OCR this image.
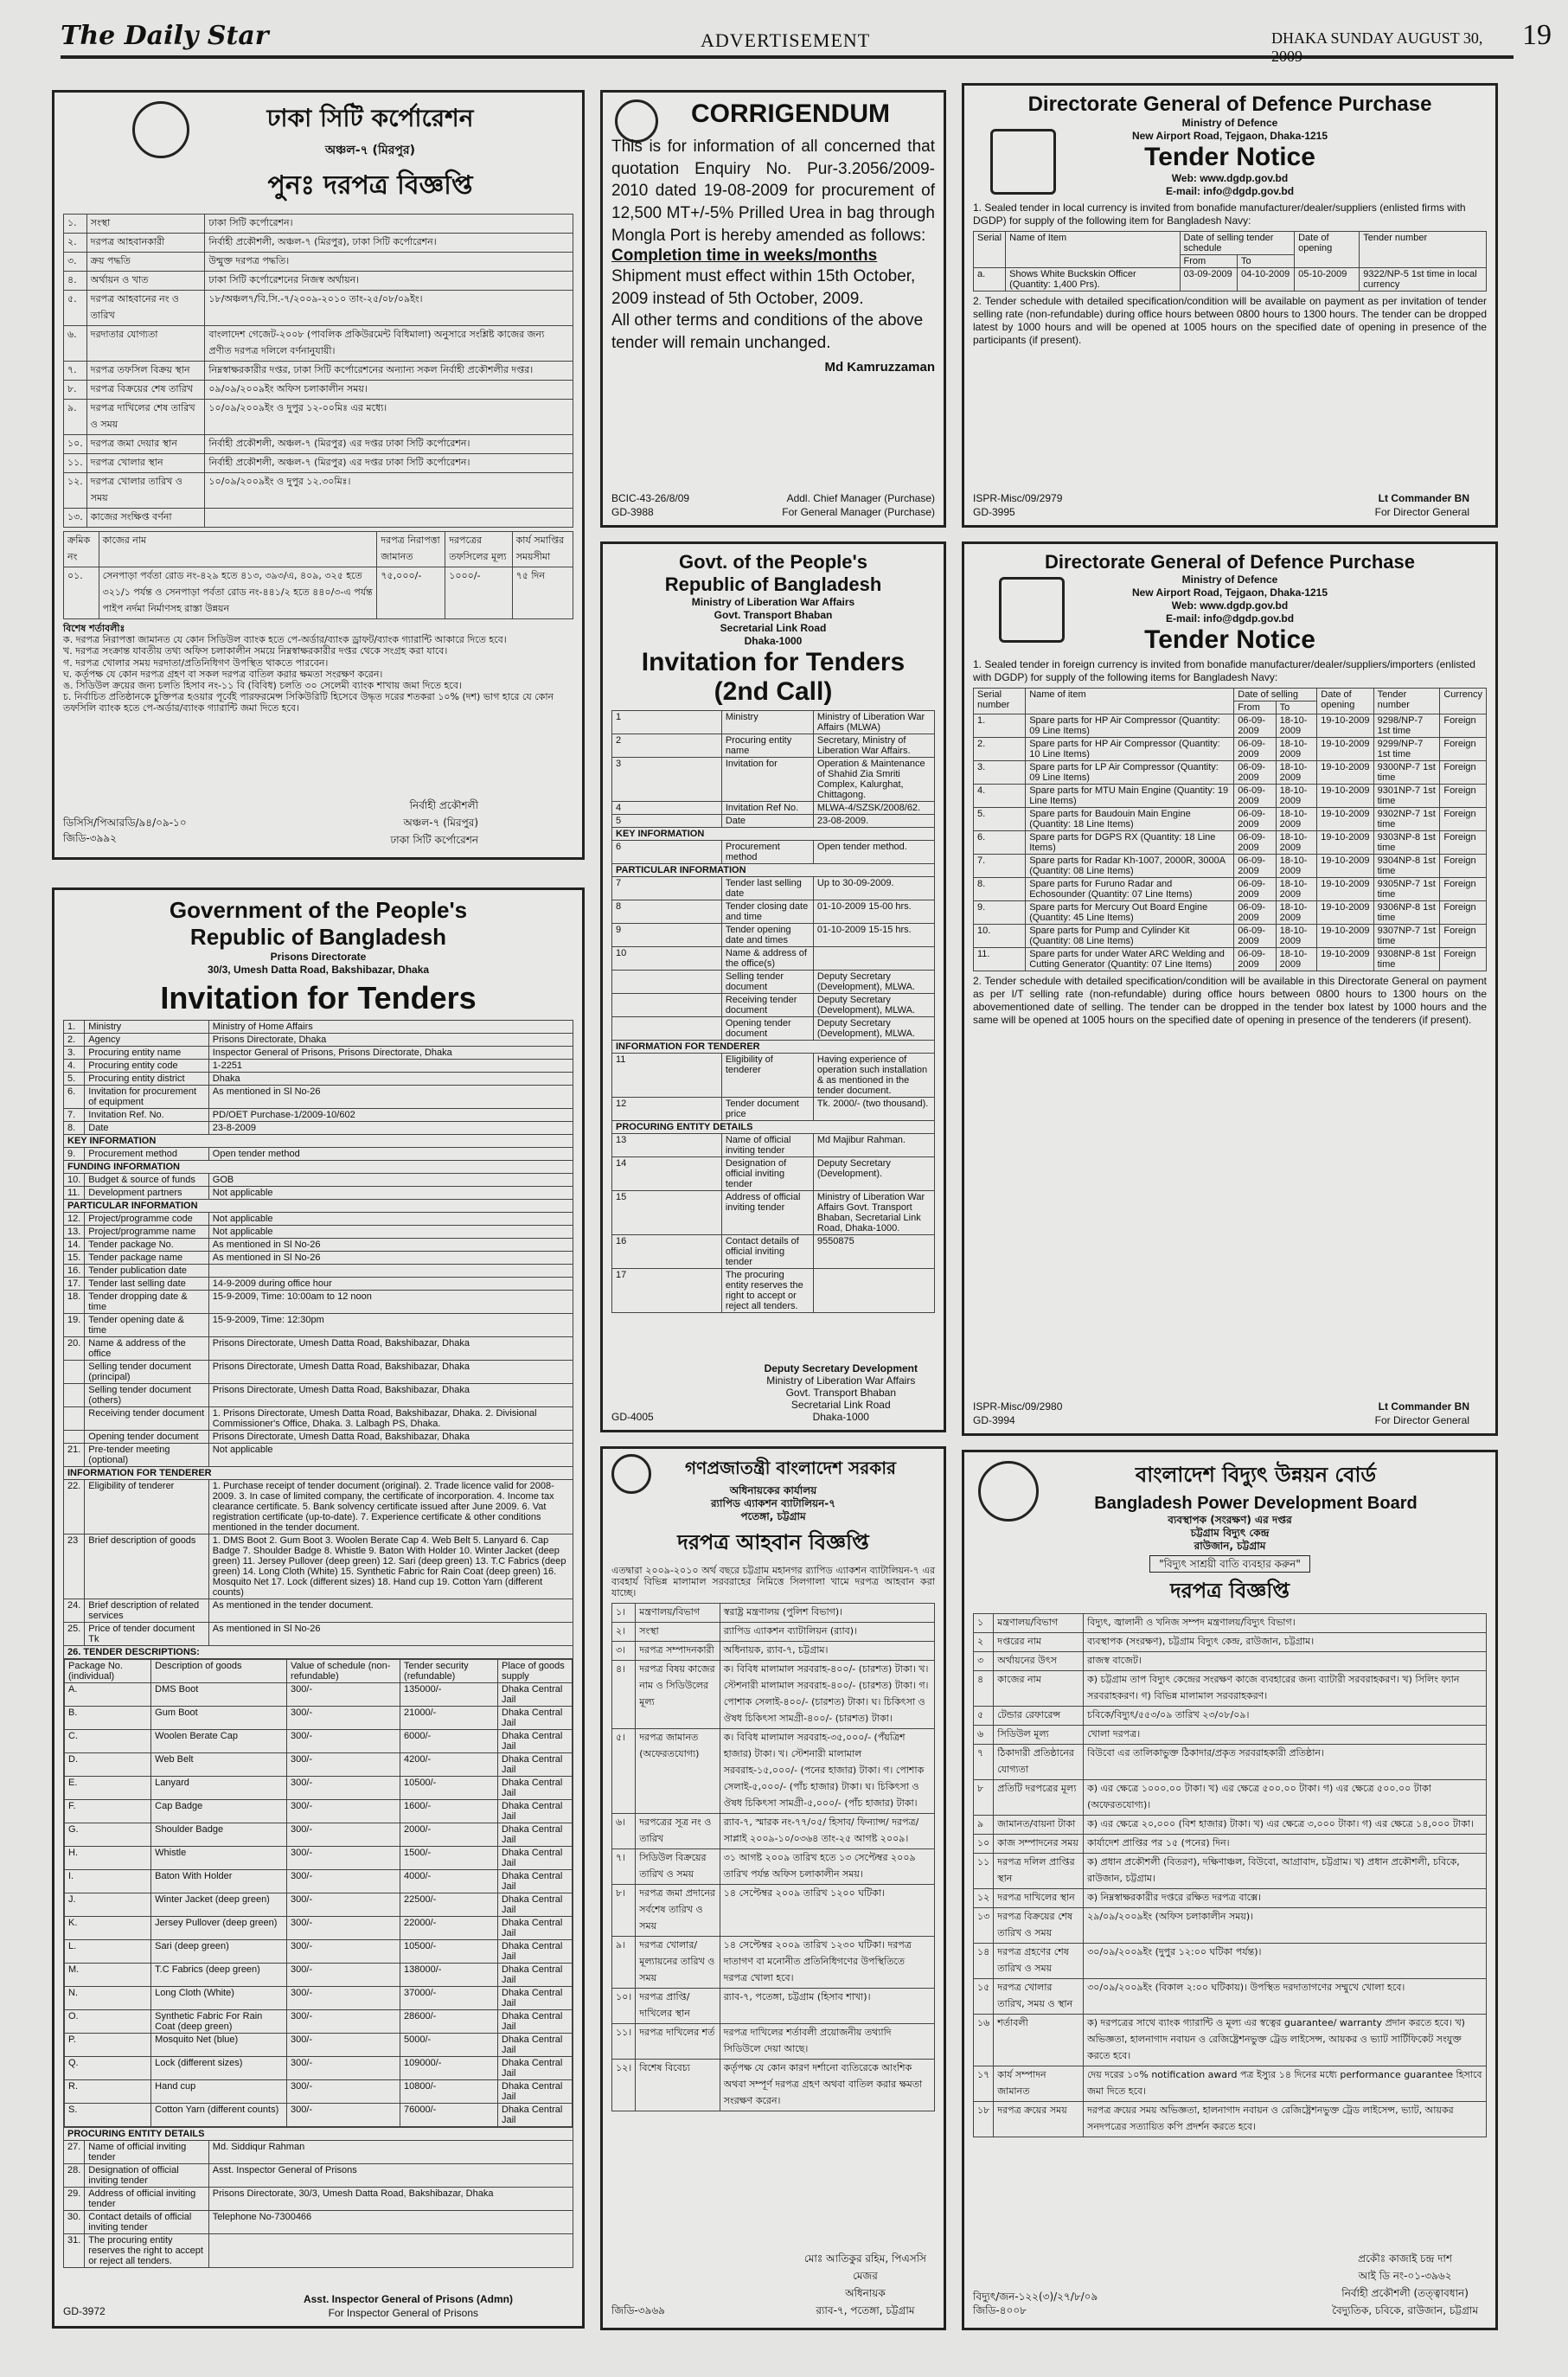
The Daily Star	ADVERTISEMENT	DHAKA SUNDAY AUGUST 30, 2009
19
ঢাকা সিটি কর্পোরেশন
অঞ্চল-৭ (মিরপুর)
পুনঃ দরপত্র বিজ্ঞপ্তি
১.	সংস্থা	ঢাকা সিটি কর্পোরেশন।
২.	দরপত্র আহবানকারী	নির্বাহী প্রকৌশলী, অঞ্চল-৭ (মিরপুর), ঢাকা সিটি কর্পোরেশন।
৩.	ক্রয় পদ্ধতি	উন্মুক্ত দরপত্র পদ্ধতি।
৪.	অর্থায়ন ও খাত	ঢাকা সিটি কর্পোরেশনের নিজস্ব অর্থায়ন।
৫.	দরপত্র আহবানের নং ও তারিখ	১৮/অঞ্চল৭/বি.সি.-৭/২০০৯-২০১০ তাং-২৫/০৮/০৯ইং।
৬.	দরদাতার যোগ্যতা	বাংলাদেশ গেজেট-২০০৮ (পাবলিক প্রকিউরমেন্ট বিধিমালা) অনুসারে সংশ্লিষ্ট কাজের জন্য প্রণীত দরপত্র দলিলে বর্ণনানুযায়ী।
৭.	দরপত্র তফসিল বিক্রয় স্থান	নিম্নস্বাক্ষরকারীর দপ্তর, ঢাকা সিটি কর্পোরেশনের অন্যান্য সকল নির্বাহী প্রকৌশলীর দপ্তর।
৮.	দরপত্র বিক্রয়ের শেষ তারিখ	০৯/০৯/২০০৯ইং অফিস চলাকালীন সময়।
৯.	দরপত্র দাখিলের শেষ তারিখ ও সময়	১০/০৯/২০০৯ইং ও দুপুর ১২-০০মিঃ এর মধ্যে।
১০.	দরপত্র জমা দেয়ার স্থান	নির্বাহী প্রকৌশলী, অঞ্চল-৭ (মিরপুর) এর দপ্তর ঢাকা সিটি কর্পোরেশন।
১১.	দরপত্র খোলার স্থান	নির্বাহী প্রকৌশলী, অঞ্চল-৭ (মিরপুর) এর দপ্তর ঢাকা সিটি কর্পোরেশন।
১২.	দরপত্র খোলার তারিখ ও সময়	১০/০৯/২০০৯ইং ও দুপুর ১২.৩০মিঃ।
১৩.	কাজের সংক্ষিপ্ত বর্ণনা	
ক্রমিক নং	কাজের নাম	দরপত্র নিরাপত্তা জামানত	দরপত্রের তফসিলের মূল্য	কার্য সমাপ্তির সময়সীমা
০১.	সেনপাড়া পর্বতা রোড নং-৪২৯ হতে ৪১৩, ৩৯৩/এ, ৪০৯, ৩২৫ হতে ৩২১/১ পর্যন্ত ও সেনপাড়া পর্বতা রোড নং-৪৪১/২ হতে ৪৪০/৩-এ পর্যন্ত পাইপ নর্দমা নির্মাণসহ রাস্তা উন্নয়ন	৭৫,০০০/-	১০০০/-	৭৫ দিন
বিশেষ শর্তাবলীঃ
ক. দরপত্র নিরাপত্তা জামানত যে কোন সিডিউল ব্যাংক হতে পে-অর্ডার/ব্যাংক ড্রাফট/ব্যাংক গ্যারান্টি আকারে দিতে হবে।
খ. দরপত্র সংক্রান্ত যাবতীয় তথ্য অফিস চলাকালীন সময়ে নিম্নস্বাক্ষরকারীর দপ্তর থেকে সংগ্রহ করা যাবে।
গ. দরপত্র খোলার সময় দরদাতা/প্রতিনিধিগণ উপস্থিত থাকতে পারবেন।
ঘ. কর্তৃপক্ষ যে কোন দরপত্র গ্রহণ বা সকল দরপত্র বাতিল করার ক্ষমতা সংরক্ষণ করেন।
ঙ. সিডিউল ক্রয়ের জন্য চলতি হিসাব নং-১১ বি (বিবিধ) চলতি ৩০ সেলেমী ব্যাংক শাখায় জমা দিতে হবে।
চ. নির্বাচিত প্রতিষ্ঠানকে চুক্তিপত্র হওয়ার পূর্বেই পারফরমেন্স সিকিউরিটি হিসেবে উদ্ধৃত দরের শতকরা ১০% (দশ) ভাগ হারে যে কোন তফসিলি ব্যাংক হতে পে-অর্ডার/ব্যাংক গ্যারান্টি জমা দিতে হবে।
ডিসিসি/পিআরডি/৯৪/০৯-১০
জিডি-৩৯৯২
নির্বাহী প্রকৌশলী
অঞ্চল-৭ (মিরপুর)
ঢাকা সিটি কর্পোরেশন
Government of the People's
Republic of Bangladesh
Prisons Directorate
30/3, Umesh Datta Road, Bakshibazar, Dhaka
Invitation for Tenders
1.	Ministry	Ministry of Home Affairs
2.	Agency	Prisons Directorate, Dhaka
3.	Procuring entity name	Inspector General of Prisons, Prisons Directorate, Dhaka
4.	Procuring entity code	1-2251
5.	Procuring entity district	Dhaka
6.	Invitation for procurement of equipment	As mentioned in Sl No-26
7.	Invitation Ref. No.	PD/OET Purchase-1/2009-10/602
8.	Date	23-8-2009
KEY INFORMATION
9.	Procurement method	Open tender method
FUNDING INFORMATION
10.	Budget & source of funds	GOB
11.	Development partners	Not applicable
PARTICULAR INFORMATION
12.	Project/programme code	Not applicable
13.	Project/programme name	Not applicable
14.	Tender package No.	As mentioned in Sl No-26
15.	Tender package name	As mentioned in Sl No-26
16.	Tender publication date	
17.	Tender last selling date	14-9-2009 during office hour
18.	Tender dropping date & time	15-9-2009, Time: 10:00am to 12 noon
19.	Tender opening date & time	15-9-2009, Time: 12:30pm
20.	Name & address of the office	Prisons Directorate, Umesh Datta Road, Bakshibazar, Dhaka
	Selling tender document (principal)	Prisons Directorate, Umesh Datta Road, Bakshibazar, Dhaka
	Selling tender document (others)	Prisons Directorate, Umesh Datta Road, Bakshibazar, Dhaka
	Receiving tender document	1. Prisons Directorate, Umesh Datta Road, Bakshibazar, Dhaka. 2. Divisional Commissioner's Office, Dhaka. 3. Lalbagh PS, Dhaka.
	Opening tender document	Prisons Directorate, Umesh Datta Road, Bakshibazar, Dhaka
21.	Pre-tender meeting (optional)	Not applicable
INFORMATION FOR TENDERER
22.	Eligibility of tenderer	1. Purchase receipt of tender document (original). 2. Trade licence valid for 2008-2009. 3. In case of limited company, the certificate of incorporation. 4. Income tax clearance certificate. 5. Bank solvency certificate issued after June 2009. 6. Vat registration certificate (up-to-date). 7. Experience certificate & other conditions mentioned in the tender document.
23	Brief description of goods	1. DMS Boot 2. Gum Boot 3. Woolen Berate Cap 4. Web Belt 5. Lanyard 6. Cap Badge 7. Shoulder Badge 8. Whistle 9. Baton With Holder 10. Winter Jacket (deep green) 11. Jersey Pullover (deep green) 12. Sari (deep green) 13. T.C Fabrics (deep green) 14. Long Cloth (White) 15. Synthetic Fabric for Rain Coat (deep green) 16. Mosquito Net 17. Lock (different sizes) 18. Hand cup 19. Cotton Yarn (different counts)
24.	Brief description of related services	As mentioned in the tender document.
25.	Price of tender document Tk	As mentioned in Sl No-26
26. TENDER DESCRIPTIONS:

Package No. (individual)	Description of goods	Value of schedule (non-refundable)	Tender security (refundable)	Place of goods supply
A.	DMS Boot	300/-	135000/-	Dhaka Central Jail
B.	Gum Boot	300/-	21000/-	Dhaka Central Jail
C.	Woolen Berate Cap	300/-	6000/-	Dhaka Central Jail
D.	Web Belt	300/-	4200/-	Dhaka Central Jail
E.	Lanyard	300/-	10500/-	Dhaka Central Jail
F.	Cap Badge	300/-	1600/-	Dhaka Central Jail
G.	Shoulder Badge	300/-	2000/-	Dhaka Central Jail
H.	Whistle	300/-	1500/-	Dhaka Central Jail
I.	Baton With Holder	300/-	4000/-	Dhaka Central Jail
J.	Winter Jacket (deep green)	300/-	22500/-	Dhaka Central Jail
K.	Jersey Pullover (deep green)	300/-	22000/-	Dhaka Central Jail
L.	Sari (deep green)	300/-	10500/-	Dhaka Central Jail
M.	T.C Fabrics (deep green)	300/-	138000/-	Dhaka Central Jail
N.	Long Cloth (White)	300/-	37000/-	Dhaka Central Jail
O.	Synthetic Fabric For Rain Coat (deep green)	300/-	28600/-	Dhaka Central Jail
P.	Mosquito Net (blue)	300/-	5000/-	Dhaka Central Jail
Q.	Lock (different sizes)	300/-	109000/-	Dhaka Central Jail
R.	Hand cup	300/-	10800/-	Dhaka Central Jail
S.	Cotton Yarn (different counts)	300/-	76000/-	Dhaka Central Jail

PROCURING ENTITY DETAILS
27.	Name of official inviting tender	Md. Siddiqur Rahman
28.	Designation of official inviting tender	Asst. Inspector General of Prisons
29.	Address of official inviting tender	Prisons Directorate, 30/3, Umesh Datta Road, Bakshibazar, Dhaka
30.	Contact details of official inviting tender	Telephone No-7300466
31.	The procuring entity reserves the right to accept or reject all tenders.	
GD-3972
Asst. Inspector General of Prisons (Admn)
For Inspector General of Prisons
CORRIGENDUM
This is for information of all concerned that quotation Enquiry No. Pur-3.2056/2009-2010 dated 19-08-2009 for procurement of 12,500 MT+/-5% Prilled Urea in bag through Mongla Port is hereby amended as follows:
Completion time in weeks/months
Shipment must effect within 15th October, 2009 instead of 5th October, 2009.
All other terms and conditions of the above tender will remain unchanged.
Md Kamruzzaman
BCIC-43-26/8/09
GD-3988
Addl. Chief Manager (Purchase)
For General Manager (Purchase)
Govt. of the People's
Republic of Bangladesh
Ministry of Liberation War Affairs
Govt. Transport Bhaban
Secretarial Link Road
Dhaka-1000
Invitation for Tenders
(2nd Call)
1	Ministry	Ministry of Liberation War Affairs (MLWA)
2	Procuring entity name	Secretary, Ministry of Liberation War Affairs.
3	Invitation for	Operation & Maintenance of Shahid Zia Smriti Complex, Kalurghat, Chittagong.
4	Invitation Ref No.	MLWA-4/SZSK/2008/62.
5	Date	23-08-2009.
KEY INFORMATION		
6	Procurement method	Open tender method.
PARTICULAR INFORMATION		
7	Tender last selling date	Up to 30-09-2009.
8	Tender closing date and time	01-10-2009 15-00 hrs.
9	Tender opening date and times	01-10-2009 15-15 hrs.
10	Name & address of the office(s)	
	Selling tender document	Deputy Secretary (Development), MLWA.
	Receiving tender document	Deputy Secretary (Development), MLWA.
	Opening tender document	Deputy Secretary (Development), MLWA.
INFORMATION FOR TENDERER		
11	Eligibility of tenderer	Having experience of operation such installation & as mentioned in the tender document.
12	Tender document price	Tk. 2000/- (two thousand).
PROCURING ENTITY DETAILS		
13	Name of official inviting tender	Md Majibur Rahman.
14	Designation of official inviting tender	Deputy Secretary (Development).
15	Address of official inviting tender	Ministry of Liberation War Affairs Govt. Transport Bhaban, Secretarial Link Road, Dhaka-1000.
16	Contact details of official inviting tender	9550875
17	The procuring entity reserves the right to accept or reject all tenders.	
GD-4005
Deputy Secretary Development
Ministry of Liberation War Affairs
Govt. Transport Bhaban
Secretarial Link Road
Dhaka-1000
গণপ্রজাতন্ত্রী বাংলাদেশ সরকার
অধিনায়কের কার্যালয়
র‍্যাপিড এ্যাকশন ব্যাটালিয়ন-৭
পতেঙ্গা, চট্টগ্রাম
দরপত্র আহবান বিজ্ঞপ্তি
এতদ্বারা ২০০৯-২০১০ অর্থ বছরে চট্টগ্রাম মহানগর র‍্যাপিড এ্যাকশন ব্যাটালিয়ন-৭ এর ব্যবহার্য বিভিন্ন মালামাল সরবরাহের নিমিত্তে সিলগালা খামে দরপত্র আহবান করা যাচ্ছে।
১।	মন্ত্রণালয়/বিভাগ	স্বরাষ্ট্র মন্ত্রণালয় (পুলিশ বিভাগ)।
২।	সংস্থা	র‍্যাপিড এ্যাকশন ব্যাটালিয়ন (র‍্যাব)।
৩।	দরপত্র সম্পাদনকারী	অধিনায়ক, র‍্যাব-৭, চট্টগ্রাম।
৪।	দরপত্র বিষয় কাজের নাম ও সিডিউলের মূল্য	ক। বিবিধ মালামাল সরবরাহ-৪০০/- (চারশত) টাকা। খ। স্টেশনারী মালামাল সরবরাহ-৪০০/- (চারশত) টাকা। গ। পোশাক সেলাই-৪০০/- (চারশত) টাকা। ঘ। চিকিৎসা ও ঔষধ চিকিৎসা সামগ্রী-৪০০/- (চারশত) টাকা।
৫।	দরপত্র জামানত (অফেরতযোগ্য)	ক। বিবিধ মালামাল সরবরাহ-৩৫,০০০/- (পঁয়ত্রিশ হাজার) টাকা। খ। স্টেশনারী মালামাল সরবরাহ-১৫,০০০/- (পনের হাজার) টাকা। গ। পোশাক সেলাই-৫,০০০/- (পাঁচ হাজার) টাকা। ঘ। চিকিৎসা ও ঔষধ চিকিৎসা সামগ্রী-৫,০০০/- (পাঁচ হাজার) টাকা।
৬।	দরপত্রের সূত্র নং ও তারিখ	র‍্যাব-৭, স্মারক নং-৭৭/০৫/ হিসাব/ ফিন্যান্স/ দরপত্র/ সাপ্লাই ২০০৯-১০/০৩৬৪ তাং-২৫ আগষ্ট ২০০৯।
৭।	সিডিউল বিক্রয়ের তারিখ ও সময়	৩১ আগষ্ট ২০০৯ তারিখ হতে ১৩ সেপ্টেম্বর ২০০৯ তারিখ পর্যন্ত অফিস চলাকালীন সময়।
৮।	দরপত্র জমা প্রদানের সর্বশেষ তারিখ ও সময়	১৪ সেপ্টেম্বর ২০০৯ তারিখ ১২০০ ঘটিকা।
৯।	দরপত্র খোলার/মূল্যায়নের তারিখ ও সময়	১৪ সেপ্টেম্বর ২০০৯ তারিখ ১২৩০ ঘটিকা। দরপত্র দাতাগণ বা মনোনীত প্রতিনিধিগণের উপস্থিতিতে দরপত্র খোলা হবে।
১০।	দরপত্র প্রাপ্তি/দাখিলের স্থান	র‍্যাব-৭, পতেঙ্গা, চট্টগ্রাম (হিসাব শাখা)।
১১।	দরপত্র দাখিলের শর্ত	দরপত্র দাখিলের শর্তাবলী প্রয়োজনীয় তথ্যাদি সিডিউলে দেয়া আছে।
১২।	বিশেষ বিবেচ্য	কর্তৃপক্ষ যে কোন কারণ দর্শানো ব্যতিরেকে আংশিক অথবা সম্পূর্ণ দরপত্র গ্রহণ অথবা বাতিল করার ক্ষমতা সংরক্ষণ করেন।
জিডি-৩৯৬৯
মোঃ আতিকুর রহিম, পিএসসি
মেজর
অধিনায়ক
র‍্যাব-৭, পতেঙ্গা, চট্টগ্রাম
Directorate General of Defence Purchase
Ministry of Defence
New Airport Road, Tejgaon, Dhaka-1215
Tender Notice
Web: www.dgdp.gov.bd
E-mail: info@dgdp.gov.bd
1. Sealed tender in local currency is invited from bonafide manufacturer/dealer/suppliers (enlisted firms with DGDP) for supply of the following item for Bangladesh Navy:
Serial	Name of Item	Date of selling tender schedule		Date of opening	Tender number
		From	To		
a.	Shows White Buckskin Officer (Quantity: 1,400 Prs).	03-09-2009	04-10-2009	05-10-2009	9322/NP-5 1st time in local currency
2. Tender schedule with detailed specification/condition will be available on payment as per invitation of tender selling rate (non-refundable) during office hours between 0800 hours to 1300 hours. The tender can be dropped latest by 1000 hours and will be opened at 1005 hours on the specified date of opening in presence of the participants (if present).
ISPR-Misc/09/2979
GD-3995
Lt Commander BN
For Director General
Directorate General of Defence Purchase
Ministry of Defence
New Airport Road, Tejgaon, Dhaka-1215
Web: www.dgdp.gov.bd
E-mail: info@dgdp.gov.bd
Tender Notice
1. Sealed tender in foreign currency is invited from bonafide manufacturer/dealer/suppliers/importers (enlisted with DGDP) for supply of the following items for Bangladesh Navy:
Serial number	Name of item	Date of selling		Date of opening	Tender number	Currency
		From	To			
1.	Spare parts for HP Air Compressor (Quantity: 09 Line Items)	06-09-2009	18-10-2009	19-10-2009	9298/NP-7 1st time	Foreign
2.	Spare parts for HP Air Compressor (Quantity: 10 Line Items)	06-09-2009	18-10-2009	19-10-2009	9299/NP-7 1st time	Foreign
3.	Spare parts for LP Air Compressor (Quantity: 09 Line Items)	06-09-2009	18-10-2009	19-10-2009	9300NP-7 1st time	Foreign
4.	Spare parts for MTU Main Engine (Quantity: 19 Line Items)	06-09-2009	18-10-2009	19-10-2009	9301NP-7 1st time	Foreign
5.	Spare parts for Baudouin Main Engine (Quantity: 18 Line Items)	06-09-2009	18-10-2009	19-10-2009	9302NP-7 1st time	Foreign
6.	Spare parts for DGPS RX (Quantity: 18 Line Items)	06-09-2009	18-10-2009	19-10-2009	9303NP-8 1st time	Foreign
7.	Spare parts for Radar Kh-1007, 2000R, 3000A (Quantity: 08 Line Items)	06-09-2009	18-10-2009	19-10-2009	9304NP-8 1st time	Foreign
8.	Spare parts for Furuno Radar and Echosounder (Quantity: 07 Line Items)	06-09-2009	18-10-2009	19-10-2009	9305NP-7 1st time	Foreign
9.	Spare parts for Mercury Out Board Engine (Quantity: 45 Line Items)	06-09-2009	18-10-2009	19-10-2009	9306NP-8 1st time	Foreign
10.	Spare parts for Pump and Cylinder Kit (Quantity: 08 Line Items)	06-09-2009	18-10-2009	19-10-2009	9307NP-7 1st time	Foreign
11.	Spare parts for under Water ARC Welding and Cutting Generator (Quantity: 07 Line Items)	06-09-2009	18-10-2009	19-10-2009	9308NP-8 1st time	Foreign
2. Tender schedule with detailed specification/condition will be available in this Directorate General on payment as per I/T selling rate (non-refundable) during office hours between 0800 hours to 1300 hours on the abovementioned date of selling. The tender can be dropped in the tender box latest by 1000 hours and the same will be opened at 1005 hours on the specified date of opening in presence of the tenderers (if present).
ISPR-Misc/09/2980
GD-3994
Lt Commander BN
For Director General
বাংলাদেশ বিদ্যুৎ উন্নয়ন বোর্ড
Bangladesh Power Development Board
ব্যবস্থাপক (সংরক্ষণ) এর দপ্তর
চট্টগ্রাম বিদ্যুৎ কেন্দ্র
রাউজান, চট্টগ্রাম
"বিদ্যুৎ সাশ্রয়ী বাতি ব্যবহার করুন"
দরপত্র বিজ্ঞপ্তি
১	মন্ত্রণালয়/বিভাগ	বিদ্যুৎ, জ্বালানী ও খনিজ সম্পদ মন্ত্রণালয়/বিদ্যুৎ বিভাগ।
২	দপ্তরের নাম	ব্যবস্থাপক (সংরক্ষণ), চট্টগ্রাম বিদ্যুৎ কেন্দ্র, রাউজান, চট্টগ্রাম।
৩	অর্থায়নের উৎস	রাজস্ব বাজেট।
৪	কাজের নাম	ক) চট্টগ্রাম তাপ বিদ্যুৎ কেন্দ্রের সংরক্ষণ কাজে ব্যবহারের জন্য ব্যাটারী সরবরাহকরণ। খ) সিলিং ফ্যান সরবরাহকরণ। গ) বিভিন্ন মালামাল সরবরাহকরণ।
৫	টেন্ডার রেফারেন্স	চবিকে/বিদ্যুৎ/৫৫৩/০৯ তারিখ ২৩/০৮/০৯।
৬	সিডিউল মূল্য	খোলা দরপত্র।
৭	ঠিকাদারী প্রতিষ্ঠানের যোগ্যতা	বিউবো এর তালিকাভুক্ত ঠিকাদার/প্রকৃত সরবরাহকারী প্রতিষ্ঠান।
৮	প্রতিটি দরপত্রের মূল্য	ক) এর ক্ষেত্রে ১০০০.০০ টাকা। খ) এর ক্ষেত্রে ৫০০.০০ টাকা। গ) এর ক্ষেত্রে ৫০০.০০ টাকা (অফেরতযোগ্য)।
৯	জামানত/বায়না টাকা	ক) এর ক্ষেত্রে ২০,০০০ (বিশ হাজার) টাকা। খ) এর ক্ষেত্রে ৩,০০০ টাকা। গ) এর ক্ষেত্রে ১৪,০০০ টাকা।
১০	কাজ সম্পাদনের সময়	কার্যাদেশ প্রাপ্তির পর ১৫ (পনের) দিন।
১১	দরপত্র দলিল প্রাপ্তির স্থান	ক) প্রধান প্রকৌশলী (বিতরণ), দক্ষিণাঞ্চল, বিউবো, আগ্রাবাদ, চট্টগ্রাম। খ) প্রধান প্রকৌশলী, চবিকে, রাউজান, চট্টগ্রাম।
১২	দরপত্র দাখিলের স্থান	ক) নিম্নস্বাক্ষরকারীর দপ্তরে রক্ষিত দরপত্র বাক্সে।
১৩	দরপত্র বিক্রয়ের শেষ তারিখ ও সময়	২৯/০৯/২০০৯ইং (অফিস চলাকালীন সময়)।
১৪	দরপত্র গ্রহণের শেষ তারিখ ও সময়	৩০/০৯/২০০৯ইং (দুপুর ১২:০০ ঘটিকা পর্যন্ত)।
১৫	দরপত্র খোলার তারিখ, সময় ও স্থান	৩০/০৯/২০০৯ইং (বিকাল ২:০০ ঘটিকায়)। উপস্থিত দরদাতাগণের সম্মুখে খোলা হবে।
১৬	শর্তাবলী	ক) দরপত্রের সাথে ব্যাংক গ্যারান্টি ও মূল্য এর স্বত্বের guarantee/ warranty প্রদান করতে হবে। খ) অভিজ্ঞতা, হালনাগাদ নবায়ন ও রেজিষ্ট্রেশনভুক্ত ট্রেড লাইসেন্স, আয়কর ও ভ্যাট সার্টিফিকেট সংযুক্ত করতে হবে।
১৭	কার্য সম্পাদন জামানত	দেয় দরের ১০% notification award পত্র ইস্যুর ১৪ দিনের মধ্যে performance guarantee হিসাবে জমা দিতে হবে।
১৮	দরপত্র ক্রয়ের সময়	দরপত্র ক্রয়ের সময় অভিজ্ঞতা, হালনাগাদ নবায়ন ও রেজিষ্ট্রেশনভুক্ত ট্রেড লাইসেন্স, ভ্যাট, আয়কর সনদপত্রের সত্যায়িত কপি প্রদর্শন করতে হবে।
বিদ্যুৎ/জন-১২২(৩)/২৭/৮/০৯
জিডি-৪০০৮
প্রকৌঃ কাজাই চন্দ্র দাশ
আই ডি নং-০১-৩৯৬২
নির্বাহী প্রকৌশলী (তত্ত্বাবধান)
বৈদ্যুতিক, চবিকে, রাউজান, চট্টগ্রাম
